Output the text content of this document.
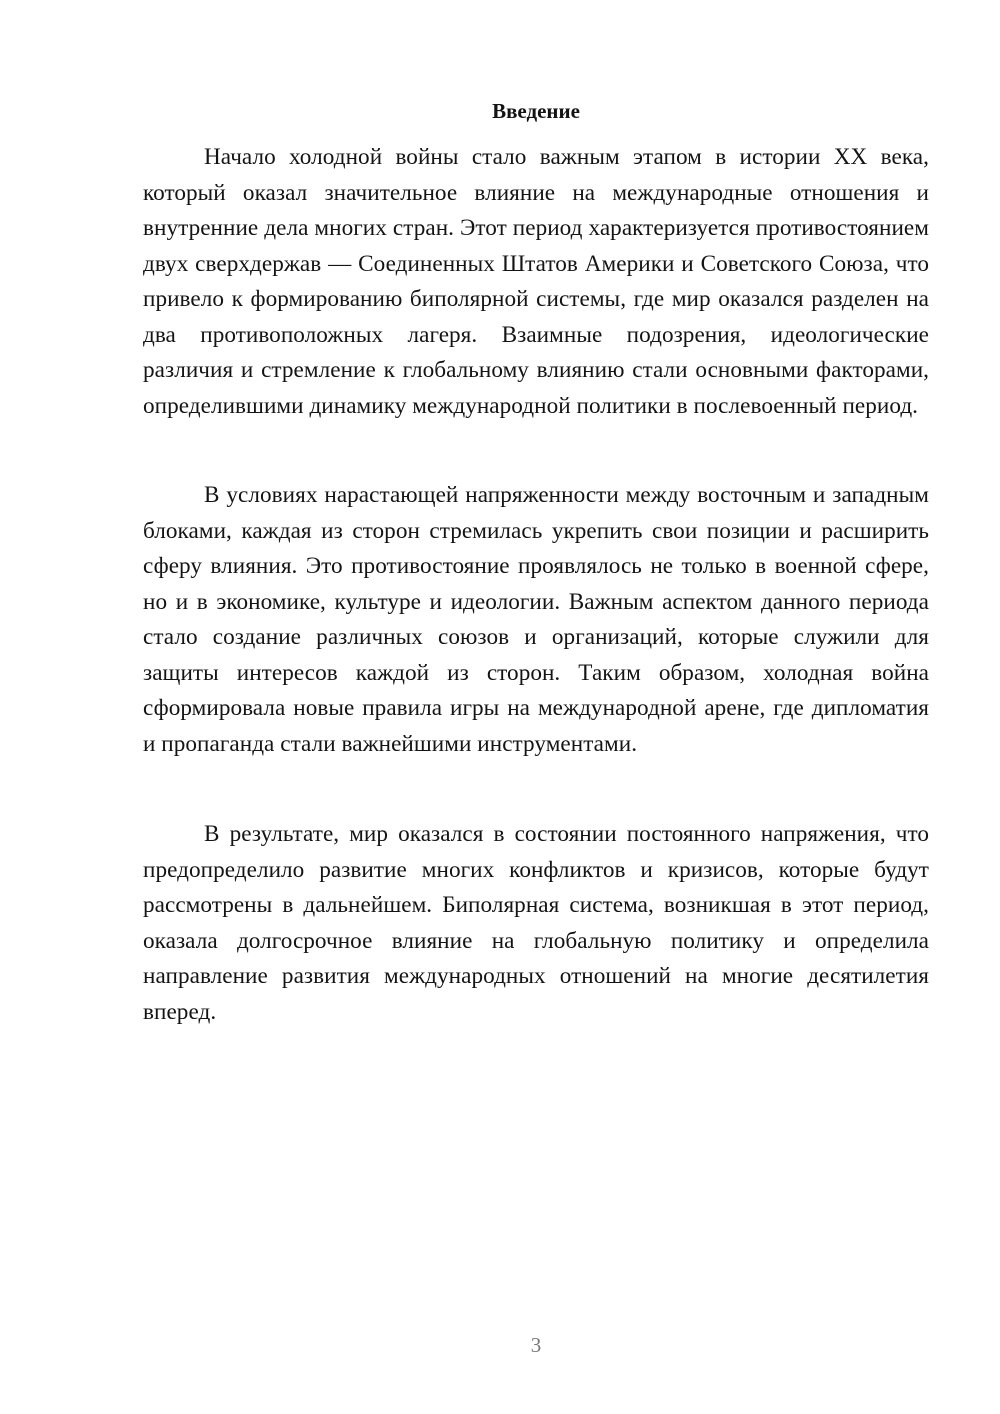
Введение

Начало холодной войны стало важным этапом в истории XX века, который оказал значительное влияние на международные отношения и внутренние дела многих стран. Этот период характеризуется противостоянием двух сверхдержав — Соединенных Штатов Америки и Советского Союза, что привело к формированию биполярной системы, где мир оказался разделен на два противоположных лагеря. Взаимные подозрения, идеологические различия и стремление к глобальному влиянию стали основными факторами, определившими динамику международной политики в послевоенный период.

В условиях нарастающей напряженности между восточным и западным блоками, каждая из сторон стремилась укрепить свои позиции и расширить сферу влияния. Это противостояние проявлялось не только в военной сфере, но и в экономике, культуре и идеологии. Важным аспектом данного периода стало создание различных союзов и организаций, которые служили для защиты интересов каждой из сторон. Таким образом, холодная война сформировала новые правила игры на международной арене, где дипломатия и пропаганда стали важнейшими инструментами.

В результате, мир оказался в состоянии постоянного напряжения, что предопределило развитие многих конфликтов и кризисов, которые будут рассмотрены в дальнейшем. Биполярная система, возникшая в этот период, оказала долгосрочное влияние на глобальную политику и определила направление развития международных отношений на многие десятилетия вперед.

3
